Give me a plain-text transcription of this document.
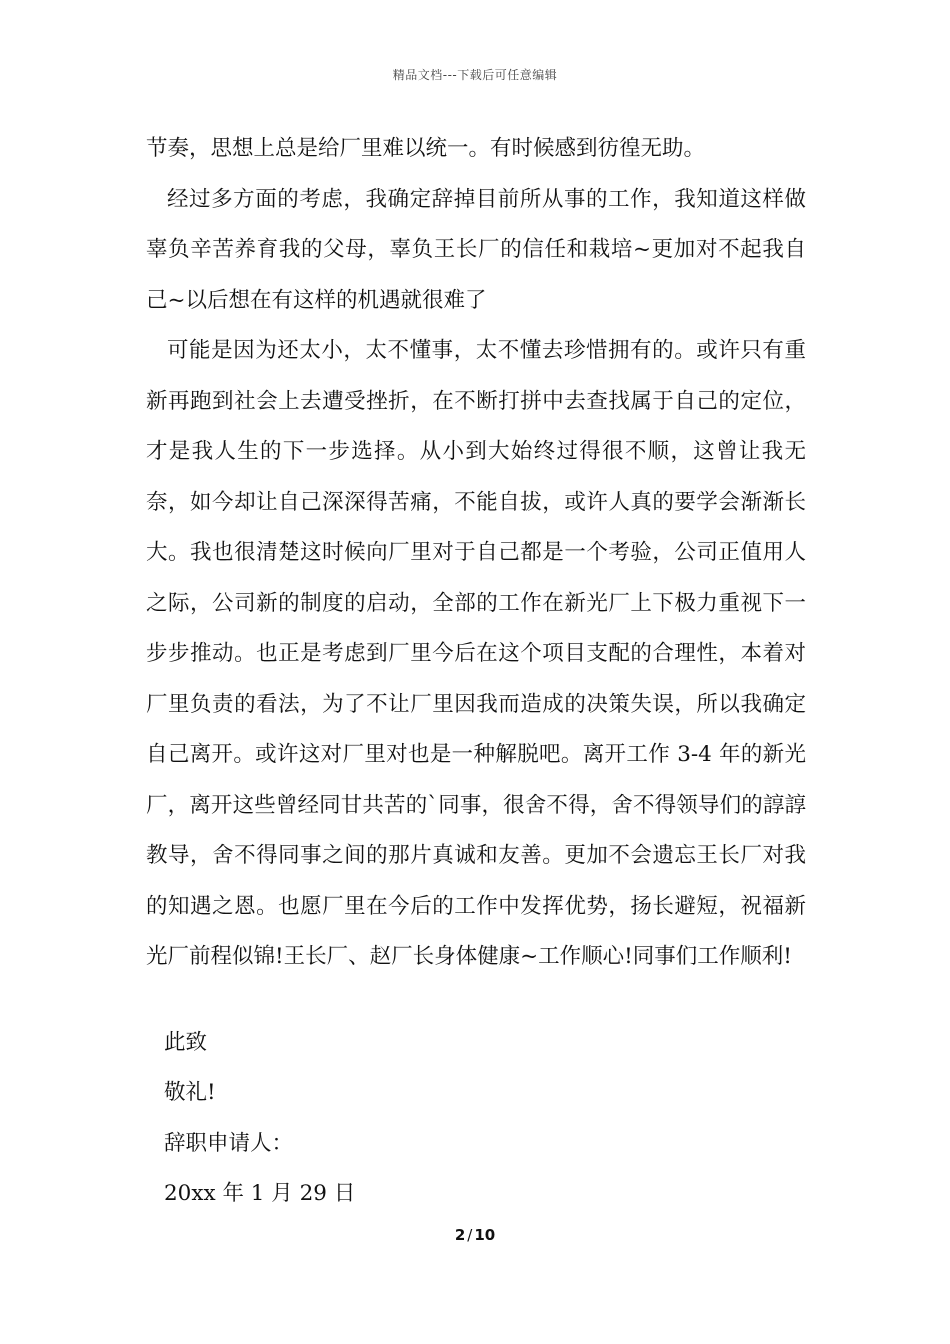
精品文档---下载后可任意编辑

节奏，思想上总是给厂里难以统一。有时候感到彷徨无助。

经过多方面的考虑，我确定辞掉目前所从事的工作，我知道这样做辜负辛苦养育我的父母，辜负王长厂的信任和栽培~更加对不起我自己~以后想在有这样的机遇就很难了

可能是因为还太小，太不懂事，太不懂去珍惜拥有的。或许只有重新再跑到社会上去遭受挫折，在不断打拼中去查找属于自己的定位，才是我人生的下一步选择。从小到大始终过得很不顺，这曾让我无奈，如今却让自己深深得苦痛，不能自拔，或许人真的要学会渐渐长大。我也很清楚这时候向厂里对于自己都是一个考验，公司正值用人之际，公司新的制度的启动，全部的工作在新光厂上下极力重视下一步步推动。也正是考虑到厂里今后在这个项目支配的合理性，本着对厂里负责的看法，为了不让厂里因我而造成的决策失误，所以我确定自己离开。或许这对厂里对也是一种解脱吧。离开工作 3-4 年的新光厂，离开这些曾经同甘共苦的`同事，很舍不得，舍不得领导们的諄諄教导，舍不得同事之间的那片真诚和友善。更加不会遗忘王长厂对我的知遇之恩。也愿厂里在今后的工作中发挥优势，扬长避短，祝福新光厂前程似锦!王长厂、赵厂长身体健康~工作顺心!同事们工作顺利!

此致

敬礼!

辞职申请人：

20xx 年 1 月 29 日

2 / 10
